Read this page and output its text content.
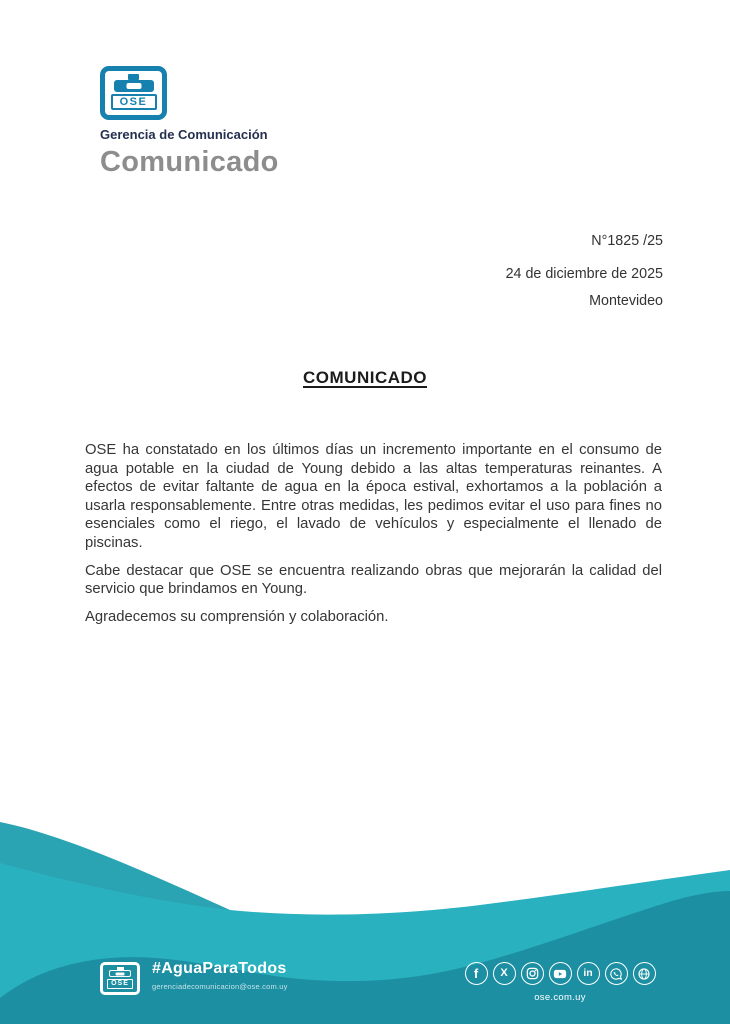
OSE
Gerencia de Comunicación
Comunicado

N°1825 /25

24 de diciembre de 2025

Montevideo

COMUNICADO

OSE ha constatado en los últimos días un incremento importante en el consumo de agua potable en la ciudad de Young debido a las altas temperaturas reinantes. A efectos de evitar faltante de agua en la época estival, exhortamos a la población a usarla responsablemente. Entre otras medidas, les pedimos evitar el uso para fines no esenciales como el riego, el lavado de vehículos y especialmente el llenado de piscinas.

Cabe destacar que OSE se encuentra realizando obras que mejorarán la calidad del servicio que brindamos en Young.

Agradecemos su comprensión y colaboración.

OSE
#AguaParaTodos
gerenciadecomunicacion@ose.com.uy
f X	in
ose.com.uy
